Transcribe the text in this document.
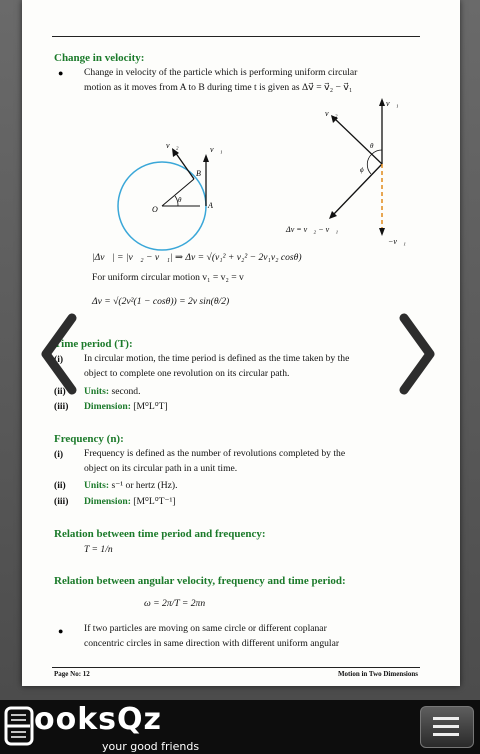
Change in velocity:
● Change in velocity of the particle which is performing uniform circular
motion as it moves from A to B during time t is given as Δv⃗ = v⃗₂ − v⃗₁
v⃗₂	v⃗₁
B
A
O
θ
v⃗₂
v⃗₁
θ
ϕ
−v⃗₁
Δv = v⃗₂ − v⃗₁
|Δv⃗| = |v⃗₂ − v⃗₁| ⇒ Δv = √(v₁² + v₂² − 2v₁v₂ cosθ)
For uniform circular motion v₁ = v₂ = v
Δv = √(2v²(1 − cosθ)) = 2v sin(θ/2)
Time period (T):
(i) In circular motion, the time period is defined as the time taken by the
object to complete one revolution on its circular path.
(ii) Units: second.
(iii) Dimension: [M⁰L⁰T]
Frequency (n):
(i) Frequency is defined as the number of revolutions completed by the
object on its circular path in a unit time.
(ii) Units: s⁻¹ or hertz (Hz).
(iii) Dimension: [M⁰L⁰T⁻¹]
Relation between time period and frequency:
T = 1/n
Relation between angular velocity, frequency and time period:
ω = 2π/T = 2πn
● If two particles are moving on same circle or different coplanar
concentric circles in same direction with different uniform angular
Page No: 12	Motion in Two Dimensions
ooksQz
your good friends
